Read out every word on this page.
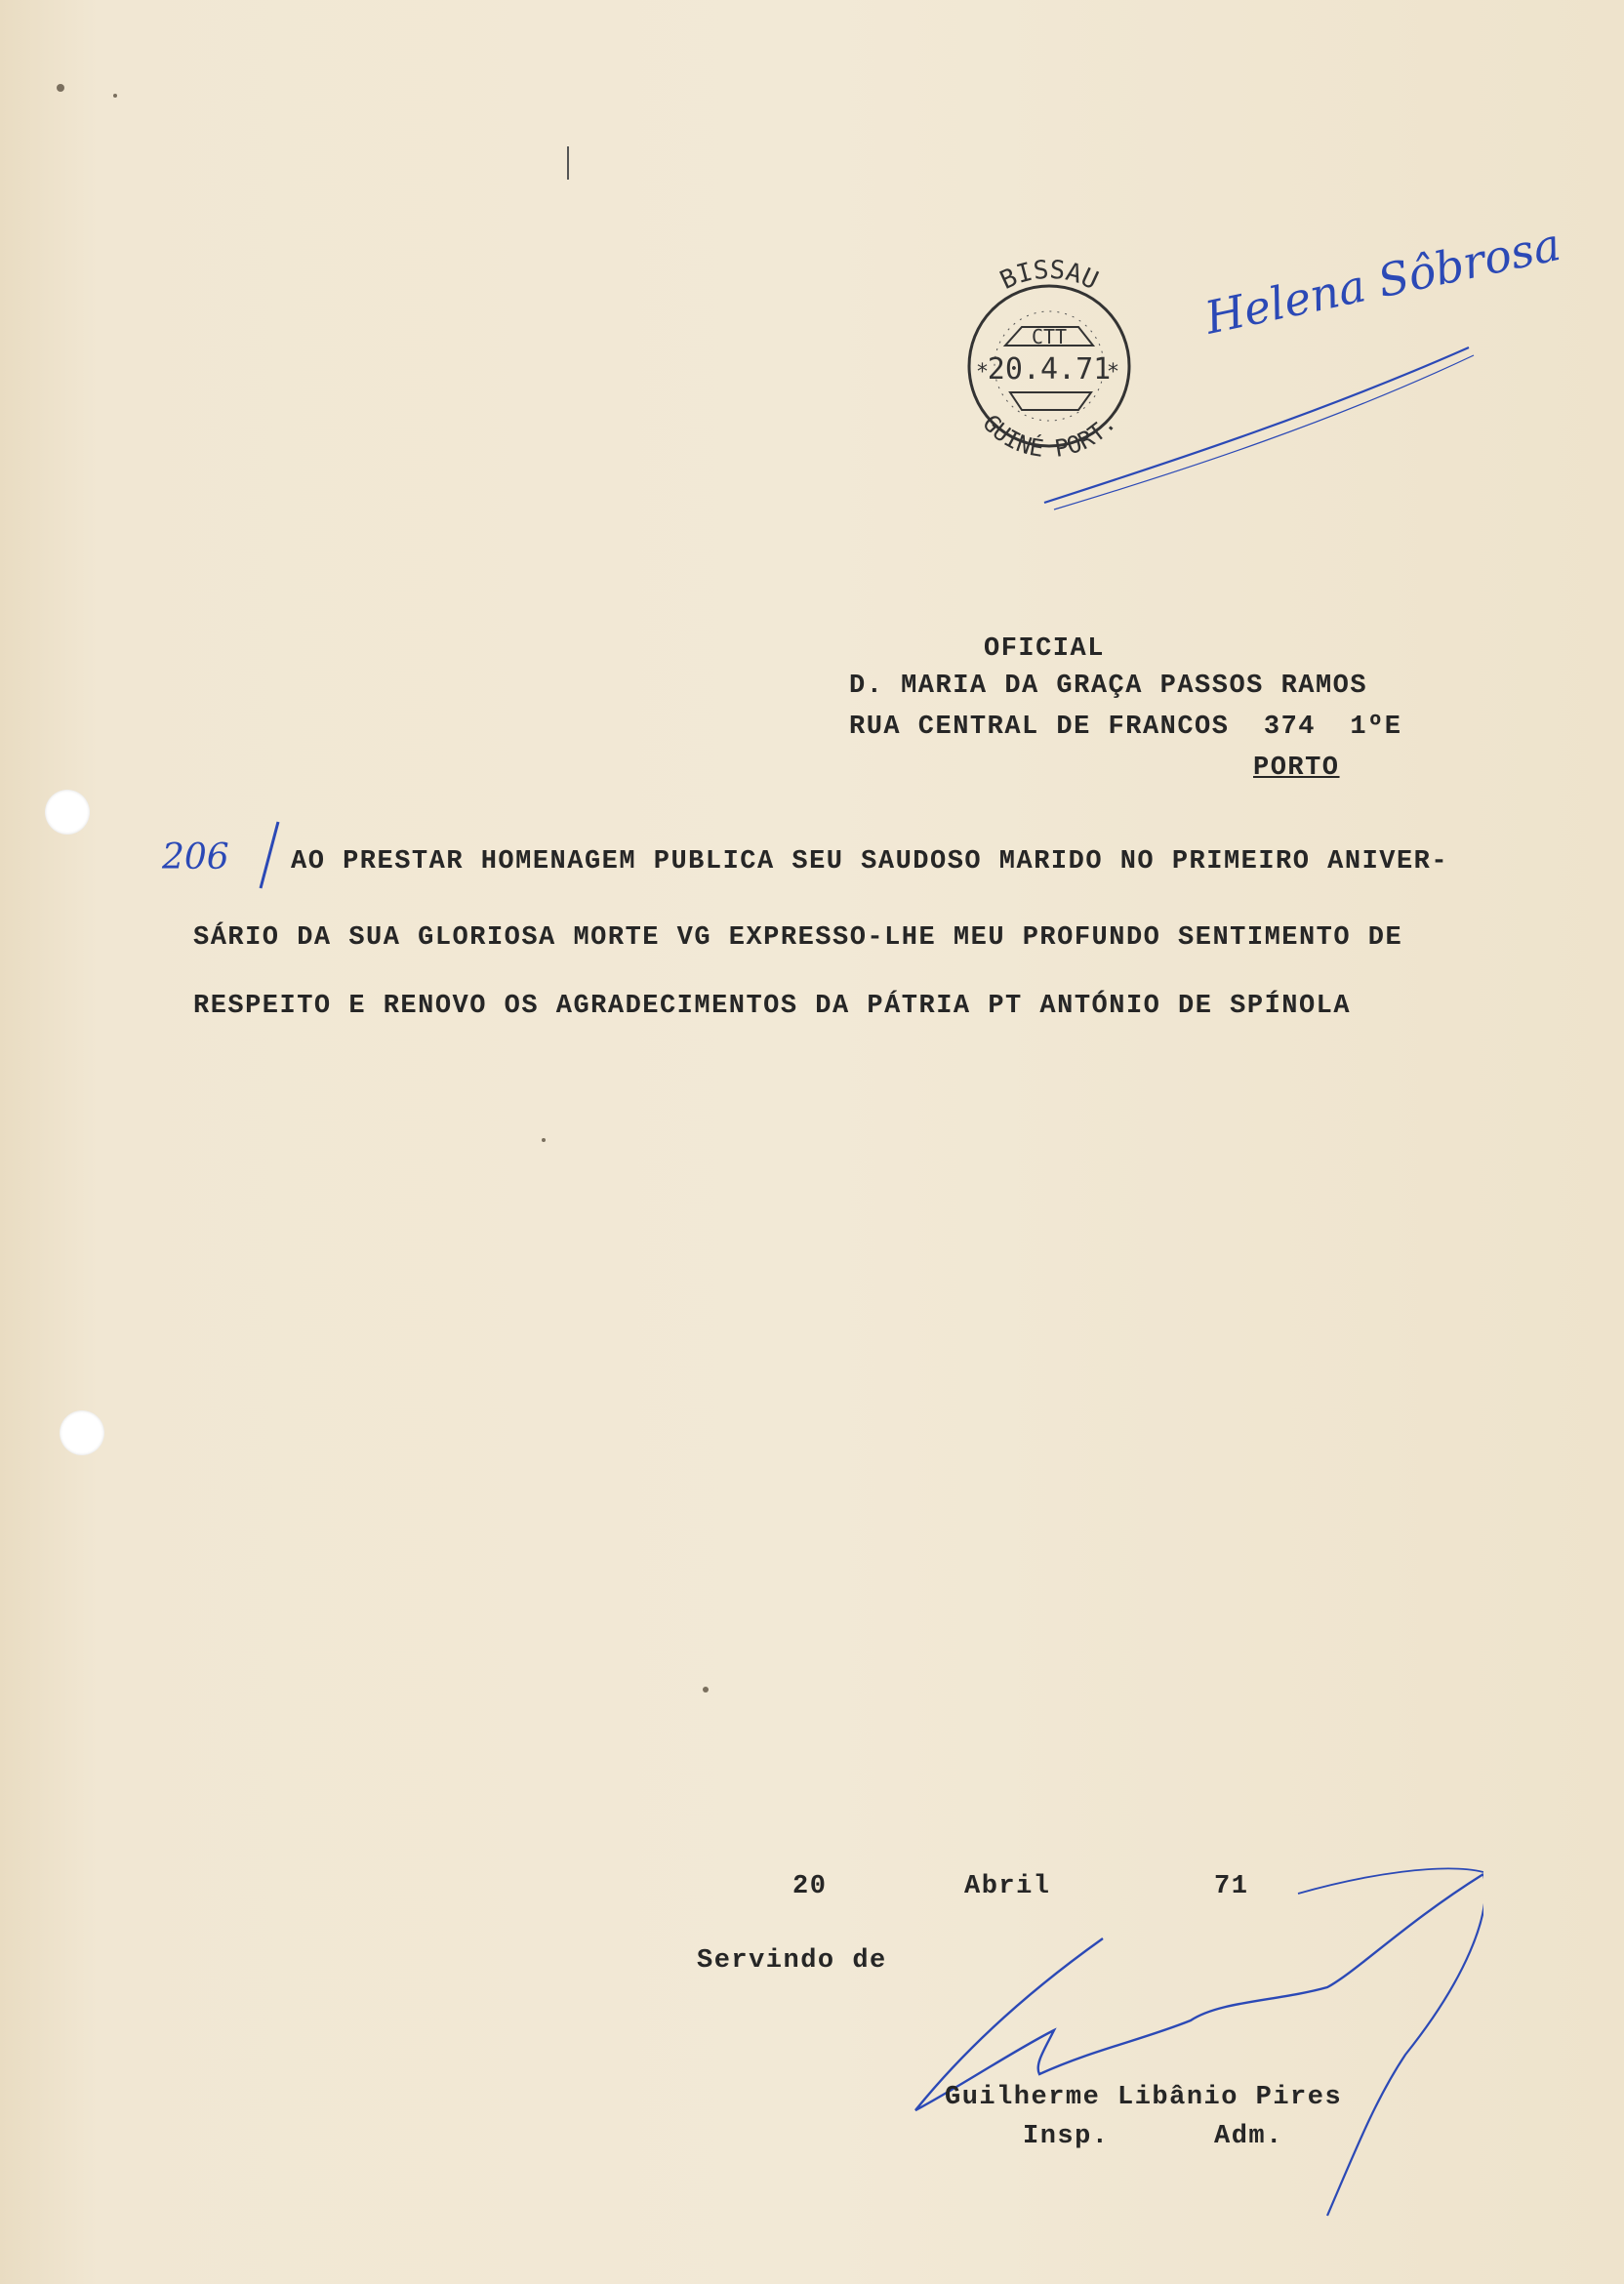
BISSAU
GUINÉ PORT.
CTT
20.4.71
*	*
Helena Sôbrosa
OFICIAL
D. MARIA DA GRAÇA PASSOS RAMOS
RUA CENTRAL DE FRANCOS  374  1ºE
PORTO
206 AO PRESTAR HOMENAGEM PUBLICA SEU SAUDOSO MARIDO NO PRIMEIRO ANIVER-
SÁRIO DA SUA GLORIOSA MORTE VG EXPRESSO-LHE MEU PROFUNDO SENTIMENTO DE
RESPEITO E RENOVO OS AGRADECIMENTOS DA PÁTRIA PT ANTÓNIO DE SPÍNOLA
20	Abril	71
Servindo de
Guilherme Libânio Pires
Insp.	Adm.
